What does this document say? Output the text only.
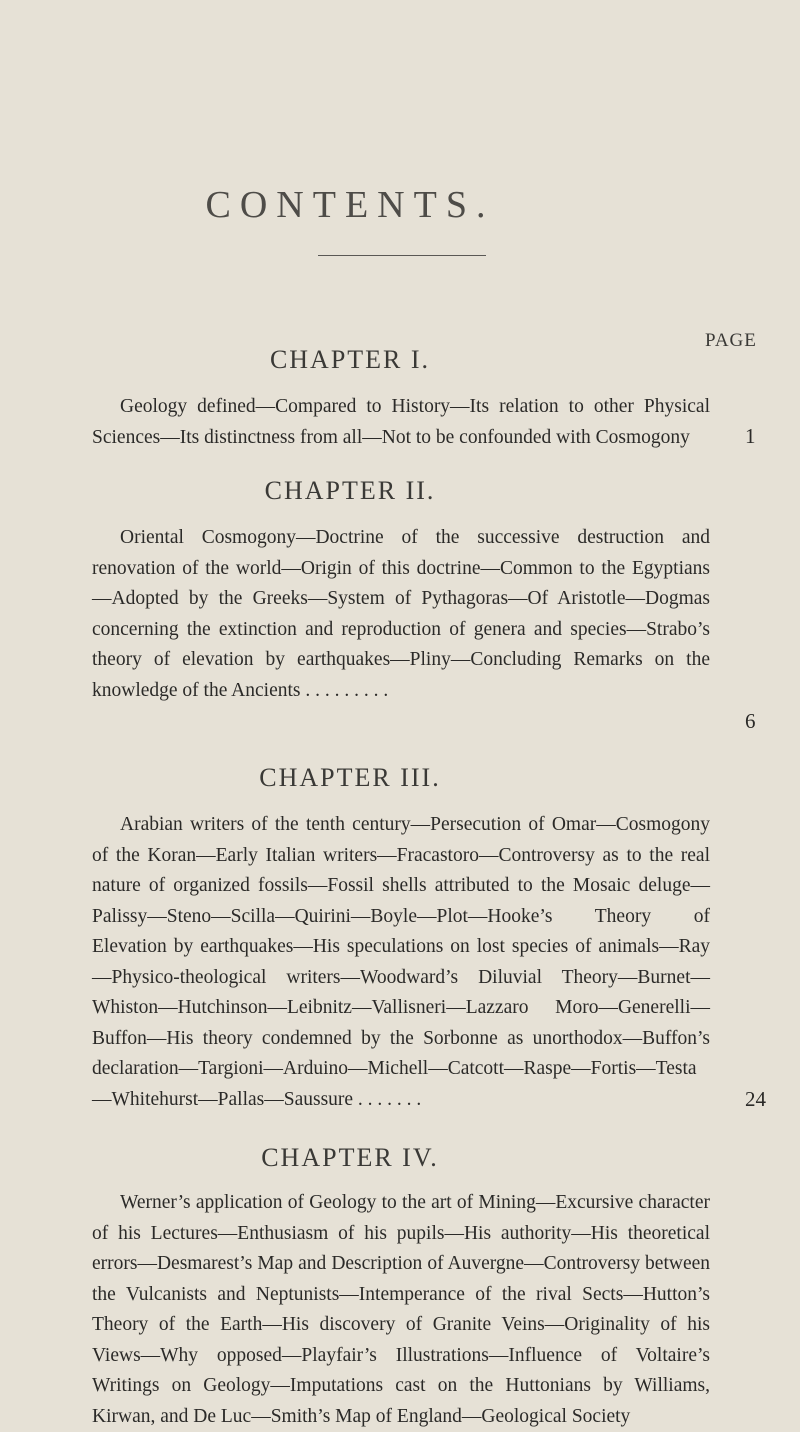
CONTENTS.
PAGE
CHAPTER I.
Geology defined—Compared to History—Its relation to other Physical Sciences—Its distinctness from all—Not to be confounded with Cosmogony	1
CHAPTER II.
Oriental Cosmogony—Doctrine of the successive destruction and renovation of the world—Origin of this doctrine—Common to the Egyptians—Adopted by the Greeks—System of Pythagoras—Of Aristotle—Dogmas concerning the extinction and reproduction of genera and species—Strabo’s theory of elevation by earthquakes—Pliny—Concluding Remarks on the knowledge of the Ancients . . . . . . . . .
6
CHAPTER III.
Arabian writers of the tenth century—Persecution of Omar—Cosmogony of the Koran—Early Italian writers—Fracastoro—Controversy as to the real nature of organized fossils—Fossil shells attributed to the Mosaic deluge—Palissy—Steno—Scilla—Quirini—Boyle—Plot—Hooke’s Theory of Elevation by earthquakes—His speculations on lost species of animals—Ray—Physico-theological writers—Woodward’s Diluvial Theory—Burnet—Whiston—Hutchinson—Leibnitz—Vallisneri—Lazzaro Moro—Generelli—Buffon—His theory condemned by the Sorbonne as unorthodox—Buffon’s declaration—Targioni—Arduino—Michell—Catcott—Raspe—Fortis—Testa—Whitehurst—Pallas—Saussure . . . . . . .	24
CHAPTER IV.
Werner’s application of Geology to the art of Mining—Excursive character of his Lectures—Enthusiasm of his pupils—His authority—His theoretical errors—Desmarest’s Map and Description of Auvergne—Controversy between the Vulcanists and Neptunists—Intemperance of the rival Sects—Hutton’s Theory of the Earth—His discovery of Granite Veins—Originality of his Views—Why opposed—Playfair’s Illustrations—Influence of Voltaire’s Writings on Geology—Imputations cast on the Huttonians by Williams, Kirwan, and De Luc—Smith’s Map of England—Geological Society
